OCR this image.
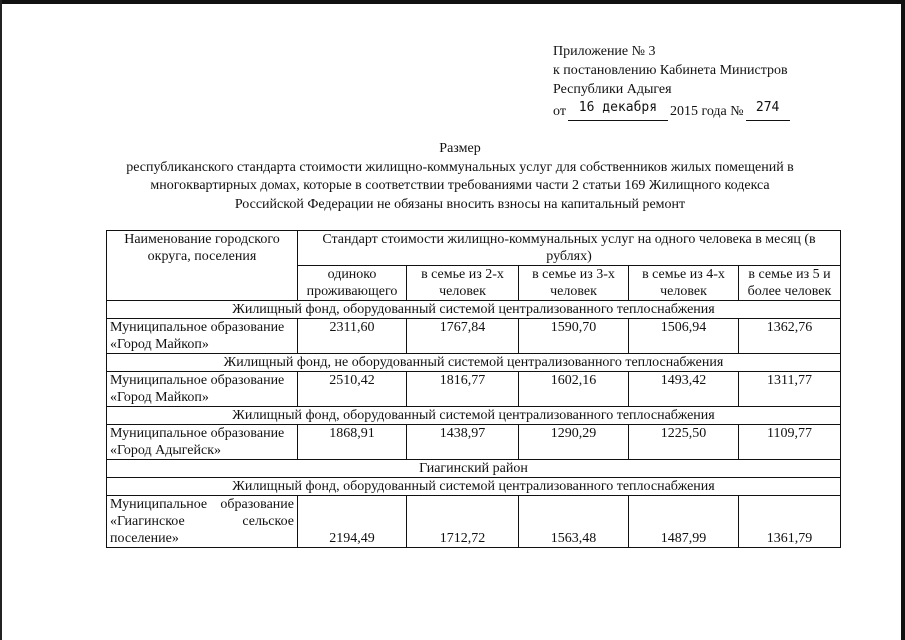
Приложение № 3
к постановлению Кабинета Министров
Республики Адыгея
от 16 декабря 2015 года № 274
Размер
республиканского стандарта стоимости жилищно-коммунальных услуг для собственников жилых помещений в
многоквартирных домах, которые в соответствии требованиями части 2 статьи 169 Жилищного кодекса
Российской Федерации не обязаны вносить взносы на капитальный ремонт
Наименование городского округа, поселения	Стандарт стоимости жилищно-коммунальных услуг на одного человека в месяц (в рублях)				
	одиноко проживающего	в семье из 2-х человек	в семье из 3-х человек	в семье из 4-х человек	в семье из 5 и более человек
Жилищный фонд, оборудованный системой централизованного теплоснабжения					
Муниципальное образование «Город Майкоп»	2311,60	1767,84	1590,70	1506,94	1362,76
Жилищный фонд, не оборудованный системой централизованного теплоснабжения					
Муниципальное образование «Город Майкоп»	2510,42	1816,77	1602,16	1493,42	1311,77
Жилищный фонд, оборудованный системой централизованного теплоснабжения					
Муниципальное образование «Город Адыгейск»	1868,91	1438,97	1290,29	1225,50	1109,77
Гиагинский район					
Жилищный фонд, оборудованный системой централизованного теплоснабжения					
Муниципальное образование «Гиагинское сельское поселение»	2194,49	1712,72	1563,48	1487,99	1361,79
